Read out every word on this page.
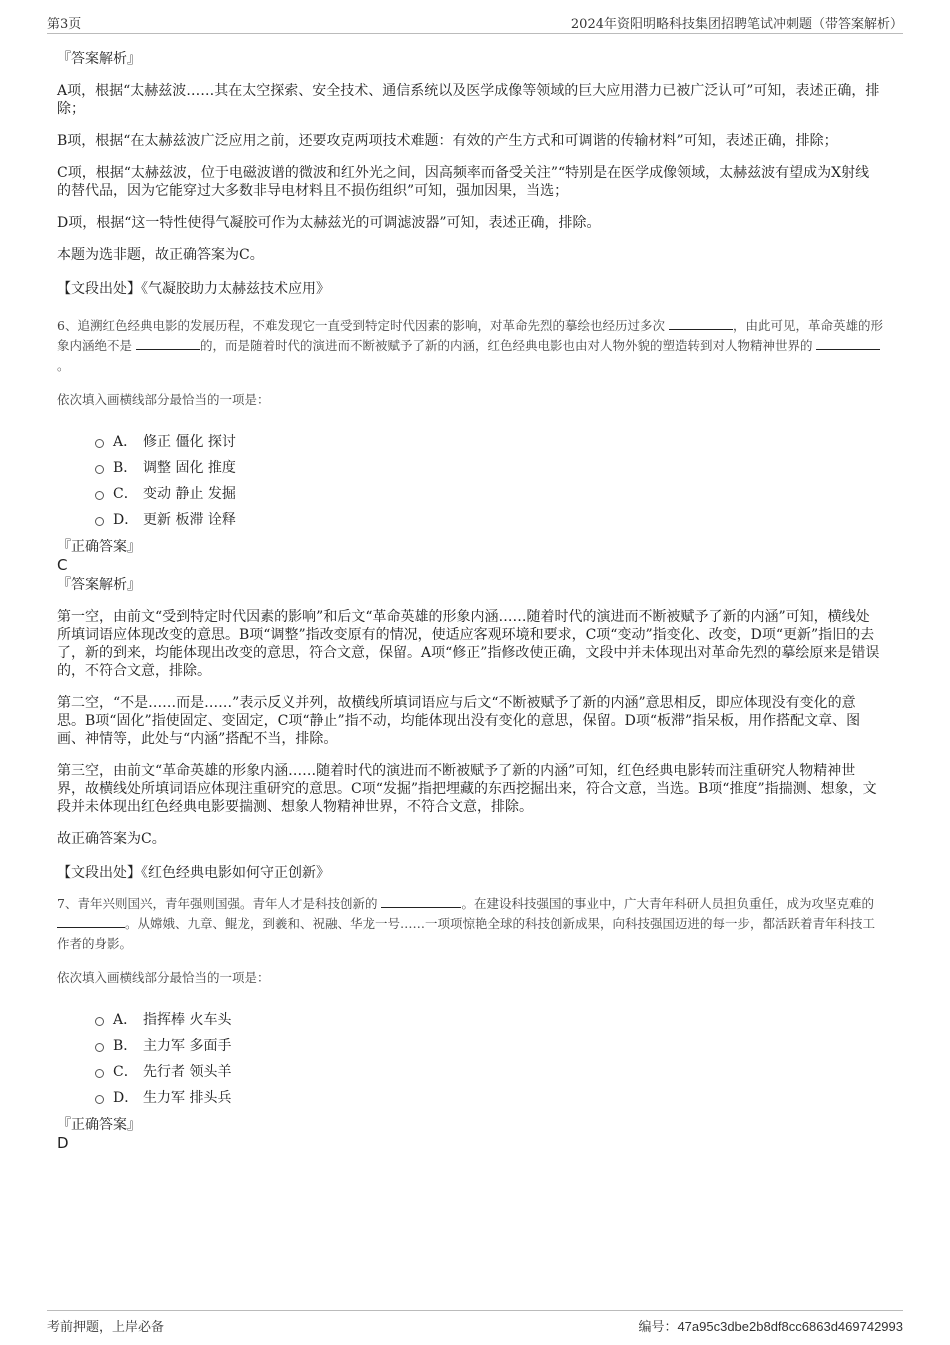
第3页	2024年资阳明略科技集团招聘笔试冲刺题（带答案解析）

『答案解析』

A项，根据“太赫兹波……其在太空探索、安全技术、通信系统以及医学成像等领域的巨大应用潜力已被广泛认可”可知，表述正确，排除；

B项，根据“在太赫兹波广泛应用之前，还要攻克两项技术难题：有效的产生方式和可调谐的传输材料”可知，表述正确，排除；

C项，根据“太赫兹波，位于电磁波谱的微波和红外光之间，因高频率而备受关注”“特别是在医学成像领域，太赫兹波有望成为X射线的替代品，因为它能穿过大多数非导电材料且不损伤组织”可知，强加因果，当选；

D项，根据“这一特性使得气凝胶可作为太赫兹光的可调滤波器”可知，表述正确，排除。

本题为选非题，故正确答案为C。

【文段出处】《气凝胶助力太赫兹技术应用》

6、追溯红色经典电影的发展历程，不难发现它一直受到特定时代因素的影响，对革命先烈的摹绘也经历过多次	，由此可见，革命英雄的形象内涵绝不是	的，而是随着时代的演进而不断被赋予了新的内涵，红色经典电影也由对人物外貌的塑造转到对人物精神世界的 。

依次填入画横线部分最恰当的一项是：

A． 修正 僵化 探讨
B． 调整 固化 推度
C． 变动 静止 发掘
D． 更新 板滞 诠释

『正确答案』

C

『答案解析』

第一空，由前文“受到特定时代因素的影响”和后文“革命英雄的形象内涵……随着时代的演进而不断被赋予了新的内涵”可知，横线处所填词语应体现改变的意思。B项“调整”指改变原有的情况，使适应客观环境和要求，C项“变动”指变化、改变，D项“更新”指旧的去了，新的到来，均能体现出改变的意思，符合文意，保留。A项“修正”指修改使正确，文段中并未体现出对革命先烈的摹绘原来是错误的，不符合文意，排除。

第二空，“不是……而是……”表示反义并列，故横线所填词语应与后文“不断被赋予了新的内涵”意思相反，即应体现没有变化的意思。B项“固化”指使固定、变固定，C项“静止”指不动，均能体现出没有变化的意思，保留。D项“板滞”指呆板，用作搭配文章、图画、神情等，此处与“内涵”搭配不当，排除。

第三空，由前文“革命英雄的形象内涵……随着时代的演进而不断被赋予了新的内涵”可知，红色经典电影转而注重研究人物精神世界，故横线处所填词语应体现注重研究的意思。C项“发掘”指把埋藏的东西挖掘出来，符合文意，当选。B项“推度”指揣测、想象，文段并未体现出红色经典电影要揣测、想象人物精神世界，不符合文意，排除。

故正确答案为C。

【文段出处】《红色经典电影如何守正创新》

7、青年兴则国兴，青年强则国强。青年人才是科技创新的	。在建设科技强国的事业中，广大青年科研人员担负重任，成为攻坚克难的 。从嫦娥、九章、鲲龙，到羲和、祝融、华龙一号……一项项惊艳全球的科技创新成果，向科技强国迈进的每一步，都活跃着青年科技工作者的身影。

依次填入画横线部分最恰当的一项是：

A． 指挥棒 火车头
B． 主力军 多面手
C． 先行者 领头羊
D． 生力军 排头兵

『正确答案』

D

考前押题，上岸必备	编号：47a95c3dbe2b8df8cc6863d469742993
